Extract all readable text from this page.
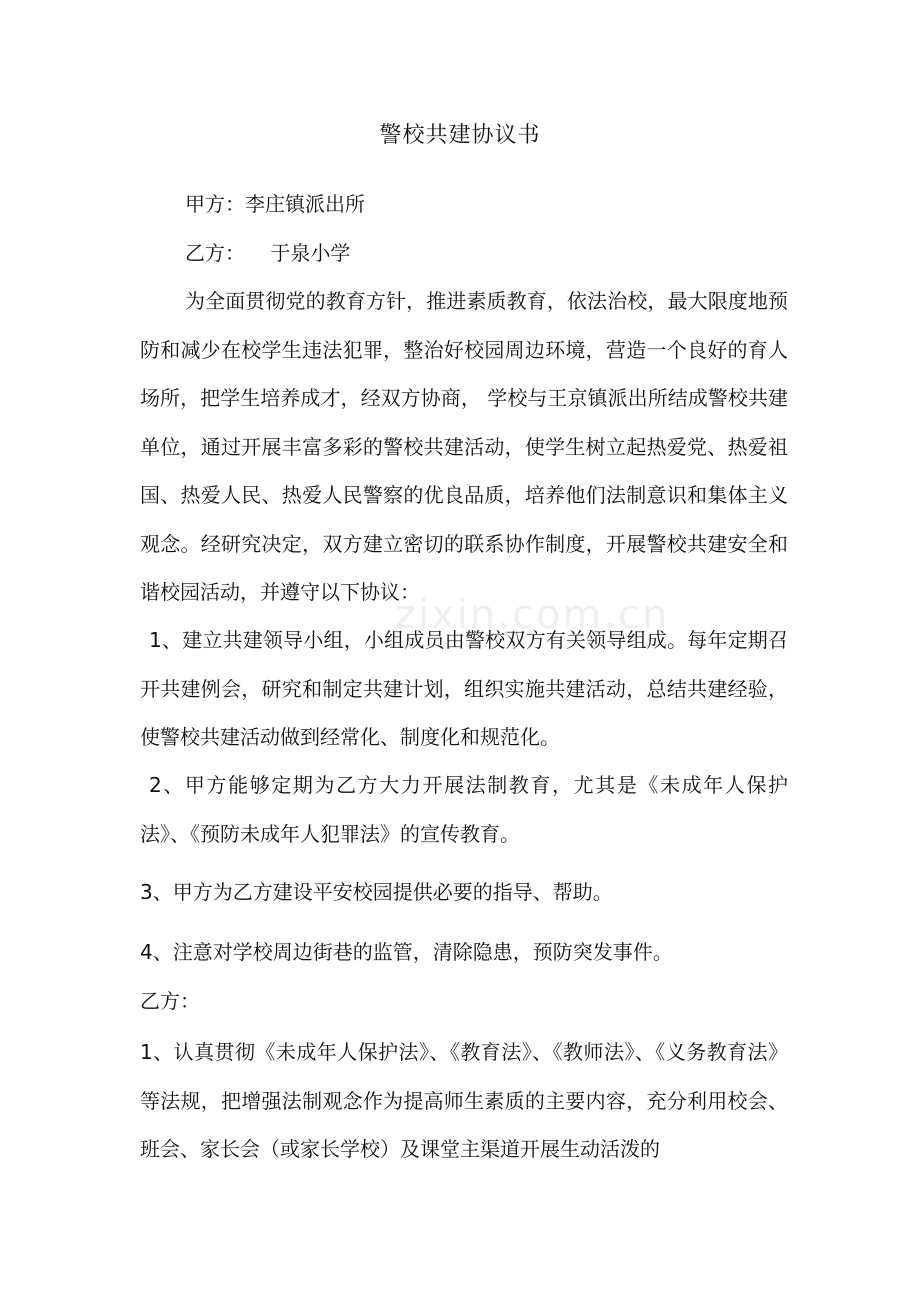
zixin.com.cn
警校共建协议书
甲方：李庄镇派出所
乙方：    于泉小学
为全面贯彻党的教育方针，推进素质教育，依法治校，最大限度地预防和减少在校学生违法犯罪，整治好校园周边环境，营造一个良好的育人场所，把学生培养成才，经双方协商， 学校与王京镇派出所结成警校共建单位，通过开展丰富多彩的警校共建活动，使学生树立起热爱党、热爱祖国、热爱人民、热爱人民警察的优良品质，培养他们法制意识和集体主义观念。经研究决定，双方建立密切的联系协作制度，开展警校共建安全和谐校园活动，并遵守以下协议：
1、建立共建领导小组，小组成员由警校双方有关领导组成。每年定期召开共建例会，研究和制定共建计划，组织实施共建活动，总结共建经验，使警校共建活动做到经常化、制度化和规范化。
2、甲方能够定期为乙方大力开展法制教育，尤其是《未成年人保护法》、《预防未成年人犯罪法》的宣传教育。
3、甲方为乙方建设平安校园提供必要的指导、帮助。
4、注意对学校周边街巷的监管，清除隐患，预防突发事件。
乙方：
1、认真贯彻《未成年人保护法》、《教育法》、《教师法》、《义务教育法》等法规，把增强法制观念作为提高师生素质的主要内容，充分利用校会、班会、家长会（或家长学校）及课堂主渠道开展生动活泼的
